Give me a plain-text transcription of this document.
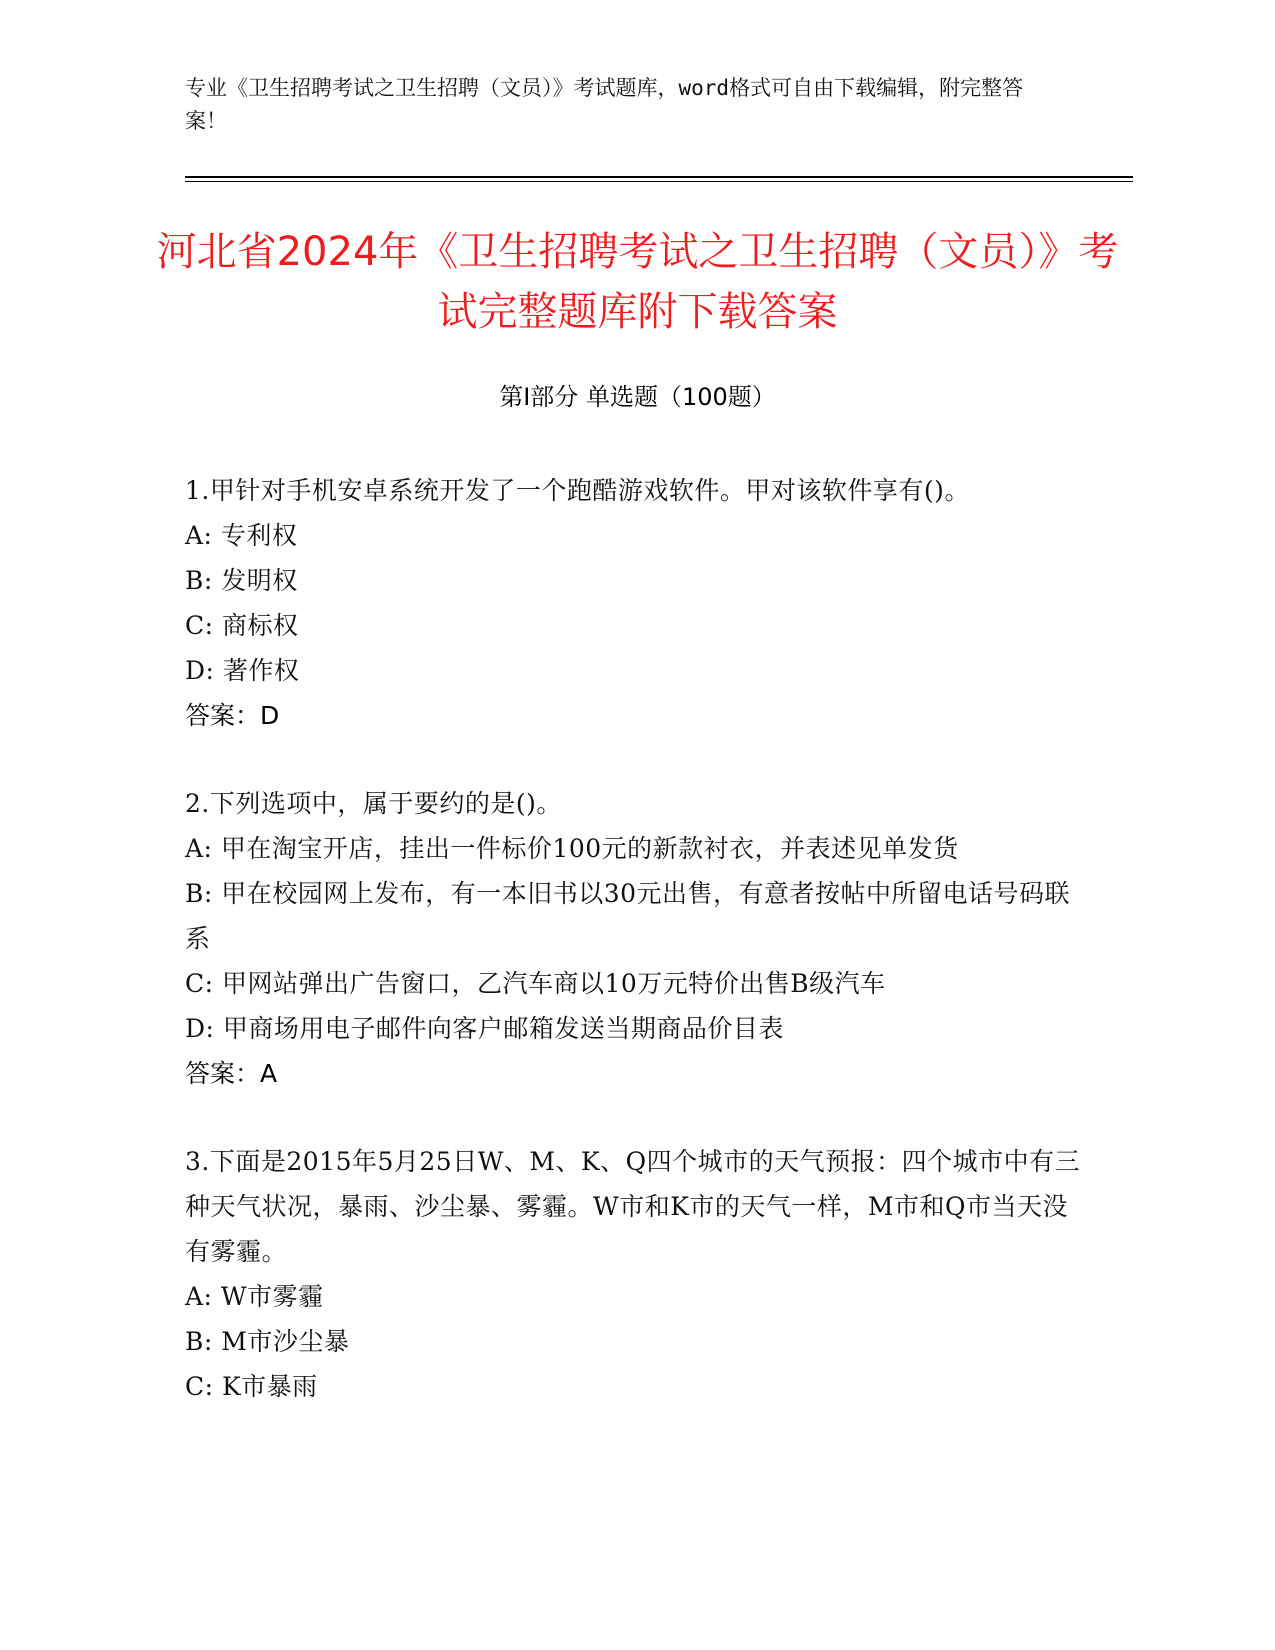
专业《卫生招聘考试之卫生招聘（文员）》考试题库，word格式可自由下载编辑，附完整答案！
河北省2024年《卫生招聘考试之卫生招聘（文员）》考试完整题库附下载答案
第I部分 单选题（100题）
1.甲针对手机安卓系统开发了一个跑酷游戏软件。甲对该软件享有()。
A: 专利权
B: 发明权
C: 商标权
D: 著作权
答案：D
2.下列选项中，属于要约的是()。
A: 甲在淘宝开店，挂出一件标价100元的新款衬衣，并表述见单发货
B: 甲在校园网上发布，有一本旧书以30元出售，有意者按帖中所留电话号码联系
C: 甲网站弹出广告窗口，乙汽车商以10万元特价出售B级汽车
D: 甲商场用电子邮件向客户邮箱发送当期商品价目表
答案：A
3.下面是2015年5月25日W、M、K、Q四个城市的天气预报：四个城市中有三种天气状况，暴雨、沙尘暴、雾霾。W市和K市的天气一样，M市和Q市当天没有雾霾。
A: W市雾霾
B: M市沙尘暴
C: K市暴雨
